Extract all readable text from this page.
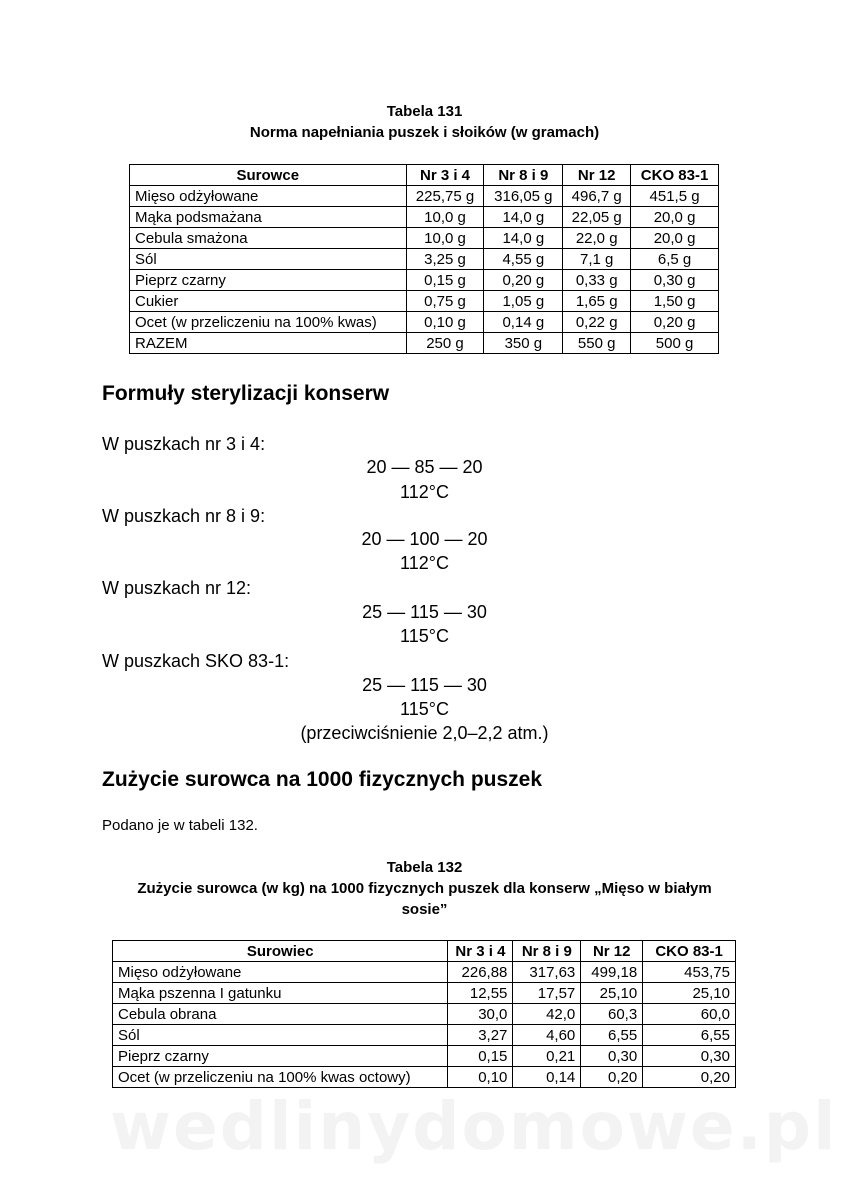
Tabela 131
Norma napełniania puszek i słoików (w gramach)
Surowce	Nr 3 i 4	Nr 8 i 9	Nr 12	CKO 83-1
Mięso odżyłowane	225,75 g	316,05 g	496,7 g	451,5 g
Mąka podsmażana	10,0 g	14,0 g	22,05 g	20,0 g
Cebula smażona	10,0 g	14,0 g	22,0 g	20,0 g
Sól	3,25 g	4,55 g	7,1 g	6,5 g
Pieprz czarny	0,15 g	0,20 g	0,33 g	0,30 g
Cukier	0,75 g	1,05 g	1,65 g	1,50 g
Ocet (w przeliczeniu na 100% kwas)	0,10 g	0,14 g	0,22 g	0,20 g
RAZEM	250 g	350 g	550 g	500 g
Formuły sterylizacji konserw
W puszkach nr 3 i 4:
20 — 85 — 20
112°C
W puszkach nr 8 i 9:
20 — 100 — 20
112°C
W puszkach nr 12:
25 — 115 — 30
115°C
W puszkach SKO 83-1:
25 — 115 — 30
115°C
(przeciwciśnienie 2,0–2,2 atm.)
Zużycie surowca na 1000 fizycznych puszek
Podano je w tabeli 132.
Tabela 132
Zużycie surowca (w kg) na 1000 fizycznych puszek dla konserw „Mięso w białym
sosie”
Surowiec	Nr 3 i 4	Nr 8 i 9	Nr 12	CKO 83-1
Mięso odżyłowane	226,88	317,63	499,18	453,75
Mąka pszenna I gatunku	12,55	17,57	25,10	25,10
Cebula obrana	30,0	42,0	60,3	60,0
Sól	3,27	4,60	6,55	6,55
Pieprz czarny	0,15	0,21	0,30	0,30
Ocet (w przeliczeniu na 100% kwas octowy)	0,10	0,14	0,20	0,20
wedlinydomowe.pl
